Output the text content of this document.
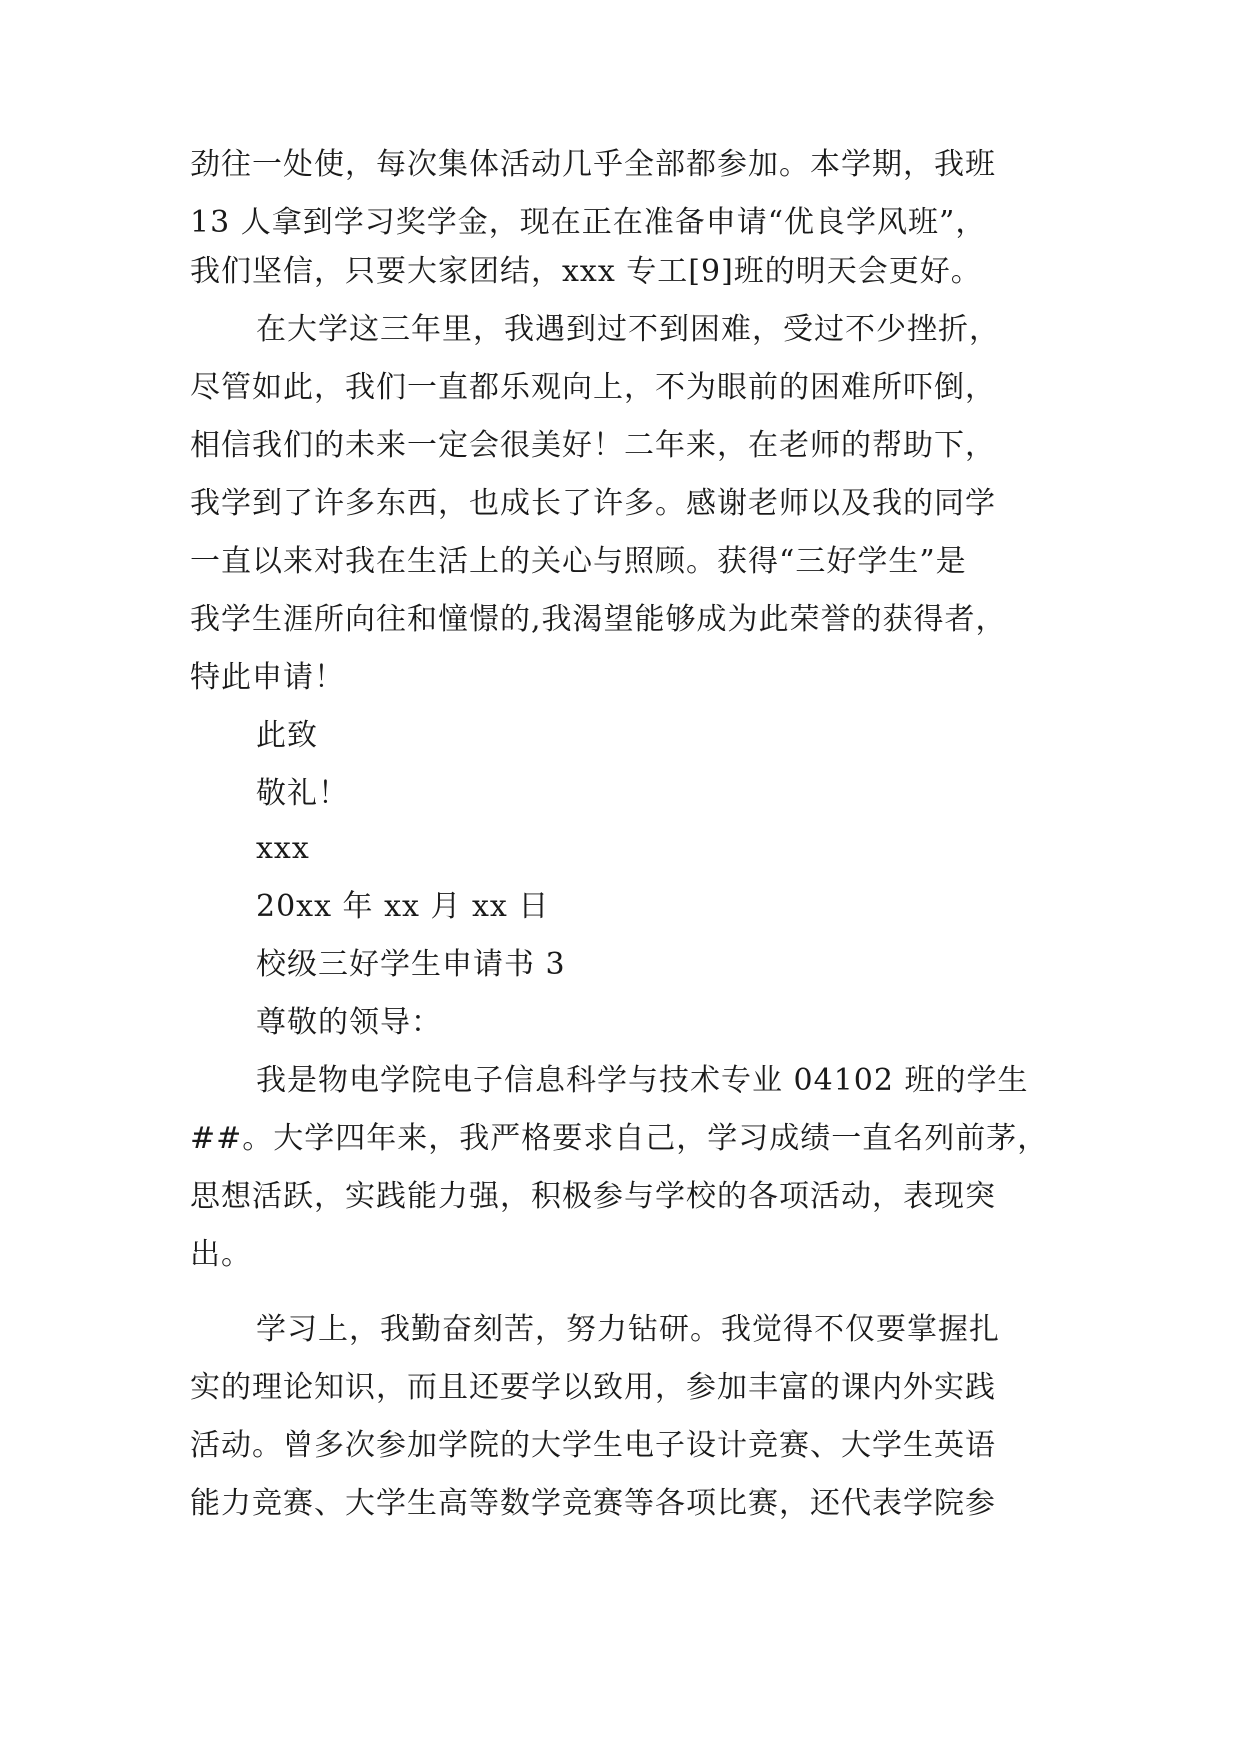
劲往一处使，每次集体活动几乎全部都参加。本学期，我班
13 人拿到学习奖学金，现在正在准备申请“优良学风班”，
我们坚信，只要大家团结，xxx 专工[9]班的明天会更好。
在大学这三年里，我遇到过不到困难，受过不少挫折，
尽管如此，我们一直都乐观向上，不为眼前的困难所吓倒，
相信我们的未来一定会很美好！二年来，在老师的帮助下，
我学到了许多东西，也成长了许多。感谢老师以及我的同学
一直以来对我在生活上的关心与照顾。获得“三好学生”是
我学生涯所向往和憧憬的,我渴望能够成为此荣誉的获得者，
特此申请！
此致
敬礼！
xxx
20xx 年 xx 月 xx 日
校级三好学生申请书 3
尊敬的领导：
我是物电学院电子信息科学与技术专业 04102 班的学生
##。大学四年来，我严格要求自己，学习成绩一直名列前茅，
思想活跃，实践能力强，积极参与学校的各项活动，表现突
出。
学习上，我勤奋刻苦，努力钻研。我觉得不仅要掌握扎
实的理论知识，而且还要学以致用，参加丰富的课内外实践
活动。曾多次参加学院的大学生电子设计竞赛、大学生英语
能力竞赛、大学生高等数学竞赛等各项比赛，还代表学院参
